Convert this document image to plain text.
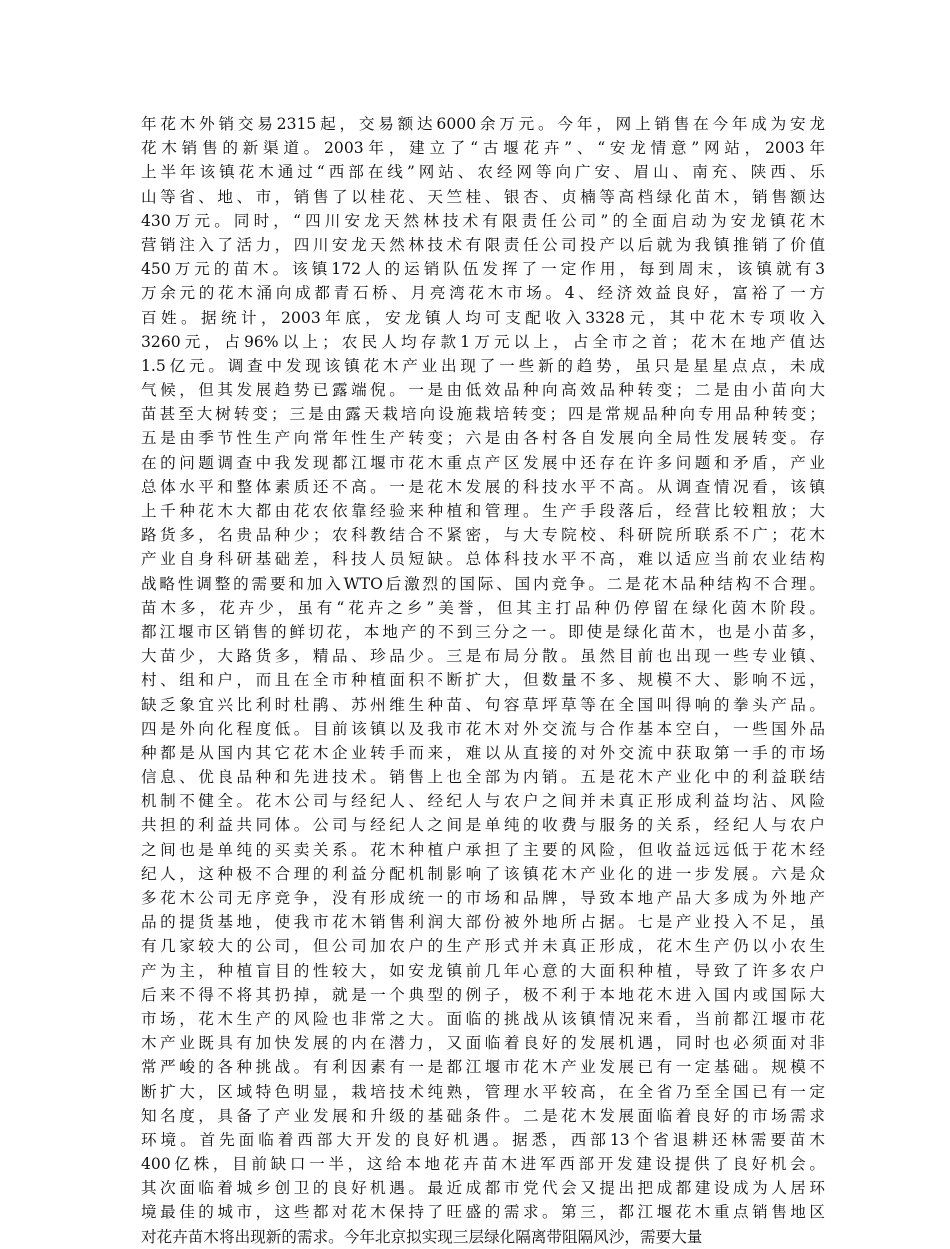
年花木外销交易2315起，交易额达6000余万元。今年，网上销售在今年成为安龙
花木销售的新渠道。2003年，建立了“古堰花卉”、“安龙情意”网站，2003年
上半年该镇花木通过“西部在线”网站、农经网等向广安、眉山、南充、陕西、乐
山等省、地、市，销售了以桂花、天竺桂、银杏、贞楠等高档绿化苗木，销售额达
430万元。同时，“四川安龙天然林技术有限责任公司”的全面启动为安龙镇花木
营销注入了活力，四川安龙天然林技术有限责任公司投产以后就为我镇推销了价值
450万元的苗木。该镇172人的运销队伍发挥了一定作用，每到周末，该镇就有3
万余元的花木涌向成都青石桥、月亮湾花木市场。4、经济效益良好，富裕了一方
百姓。据统计，2003年底，安龙镇人均可支配收入3328元，其中花木专项收入
3260元，占96%以上；农民人均存款1万元以上，占全市之首；花木在地产值达
1.5亿元。调查中发现该镇花木产业出现了一些新的趋势，虽只是星星点点，未成
气候，但其发展趋势已露端倪。一是由低效品种向高效品种转变；二是由小苗向大
苗甚至大树转变；三是由露天栽培向设施栽培转变；四是常规品种向专用品种转变；
五是由季节性生产向常年性生产转变；六是由各村各自发展向全局性发展转变。存
在的问题调查中我发现都江堰市花木重点产区发展中还存在许多问题和矛盾，产业
总体水平和整体素质还不高。一是花木发展的科技水平不高。从调查情况看，该镇
上千种花木大都由花农依靠经验来种植和管理。生产手段落后，经营比较粗放；大
路货多，名贵品种少；农科教结合不紧密，与大专院校、科研院所联系不广；花木
产业自身科研基础差，科技人员短缺。总体科技水平不高，难以适应当前农业结构
战略性调整的需要和加入WTO后激烈的国际、国内竞争。二是花木品种结构不合理。
苗木多，花卉少，虽有“花卉之乡”美誉，但其主打品种仍停留在绿化茵木阶段。
都江堰市区销售的鲜切花，本地产的不到三分之一。即使是绿化苗木，也是小苗多，
大苗少，大路货多，精品、珍品少。三是布局分散。虽然目前也出现一些专业镇、
村、组和户，而且在全市种植面积不断扩大，但数量不多、规模不大、影响不远，
缺乏象宜兴比利时杜鹃、苏州维生种苗、句容草坪草等在全国叫得响的拳头产品。
四是外向化程度低。目前该镇以及我市花木对外交流与合作基本空白，一些国外品
种都是从国内其它花木企业转手而来，难以从直接的对外交流中获取第一手的市场
信息、优良品种和先进技术。销售上也全部为内销。五是花木产业化中的利益联结
机制不健全。花木公司与经纪人、经纪人与农户之间并未真正形成利益均沾、风险
共担的利益共同体。公司与经纪人之间是单纯的收费与服务的关系，经纪人与农户
之间也是单纯的买卖关系。花木种植户承担了主要的风险，但收益远远低于花木经
纪人，这种极不合理的利益分配机制影响了该镇花木产业化的进一步发展。六是众
多花木公司无序竞争，没有形成统一的市场和品牌，导致本地产品大多成为外地产
品的提货基地，使我市花木销售利润大部份被外地所占据。七是产业投入不足，虽
有几家较大的公司，但公司加农户的生产形式并未真正形成，花木生产仍以小农生
产为主，种植盲目的性较大，如安龙镇前几年心意的大面积种植，导致了许多农户
后来不得不将其扔掉，就是一个典型的例子，极不利于本地花木进入国内或国际大
市场，花木生产的风险也非常之大。面临的挑战从该镇情况来看，当前都江堰市花
木产业既具有加快发展的内在潜力，又面临着良好的发展机遇，同时也必须面对非
常严峻的各种挑战。有利因素有一是都江堰市花木产业发展已有一定基础。规模不
断扩大，区域特色明显，栽培技术纯熟，管理水平较高，在全省乃至全国已有一定
知名度，具备了产业发展和升级的基础条件。二是花木发展面临着良好的市场需求
环境。首先面临着西部大开发的良好机遇。据悉，西部13个省退耕还林需要苗木
400亿株，目前缺口一半，这给本地花卉苗木进军西部开发建设提供了良好机会。
其次面临着城乡创卫的良好机遇。最近成都市党代会又提出把成都建设成为人居环
境最佳的城市，这些都对花木保持了旺盛的需求。第三，都江堰花木重点销售地区
对花卉苗木将出现新的需求。今年北京拟实现三层绿化隔离带阻隔风沙，需要大量
